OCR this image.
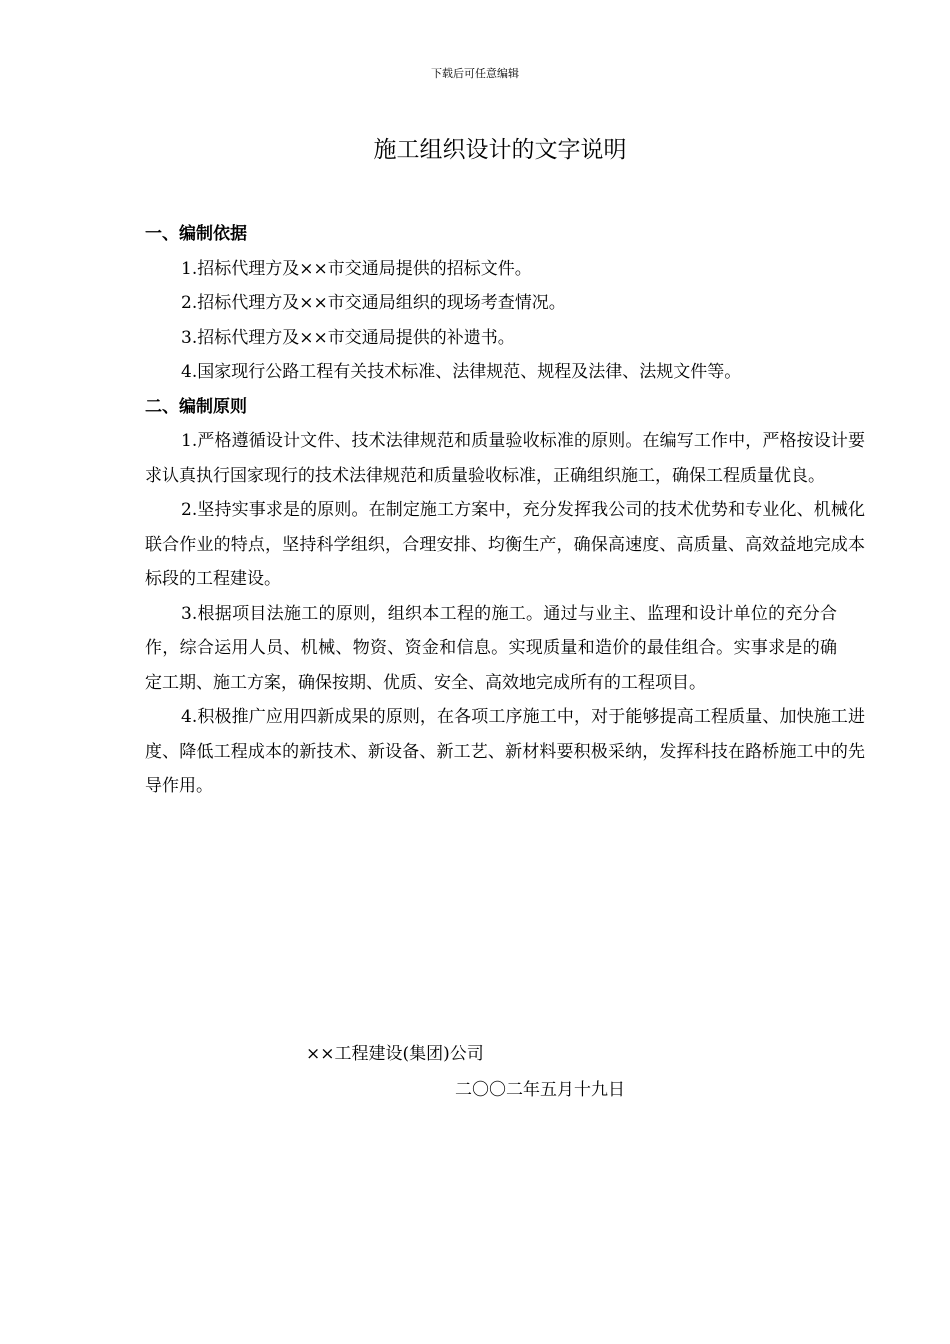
下载后可任意编辑
施工组织设计的文字说明

一、编制依据

1.招标代理方及××市交通局提供的招标文件。

2.招标代理方及××市交通局组织的现场考查情况。

3.招标代理方及××市交通局提供的补遗书。

4.国家现行公路工程有关技术标准、法律规范、规程及法律、法规文件等。

二、编制原则

1.严格遵循设计文件、技术法律规范和质量验收标准的原则。在编写工作中，严格按设计要求认真执行国家现行的技术法律规范和质量验收标准，正确组织施工，确保工程质量优良。

2.坚持实事求是的原则。在制定施工方案中，充分发挥我公司的技术优势和专业化、机械化联合作业的特点，坚持科学组织，合理安排、均衡生产，确保高速度、高质量、高效益地完成本标段的工程建设。

3.根据项目法施工的原则，组织本工程的施工。通过与业主、监理和设计单位的充分合作，综合运用人员、机械、物资、资金和信息。实现质量和造价的最佳组合。实事求是的确定工期、施工方案，确保按期、优质、安全、高效地完成所有的工程项目。

4.积极推广应用四新成果的原则，在各项工序施工中，对于能够提高工程质量、加快施工进度、降低工程成本的新技术、新设备、新工艺、新材料要积极采纳，发挥科技在路桥施工中的先导作用。

××工程建设(集团)公司
二〇〇二年五月十九日
